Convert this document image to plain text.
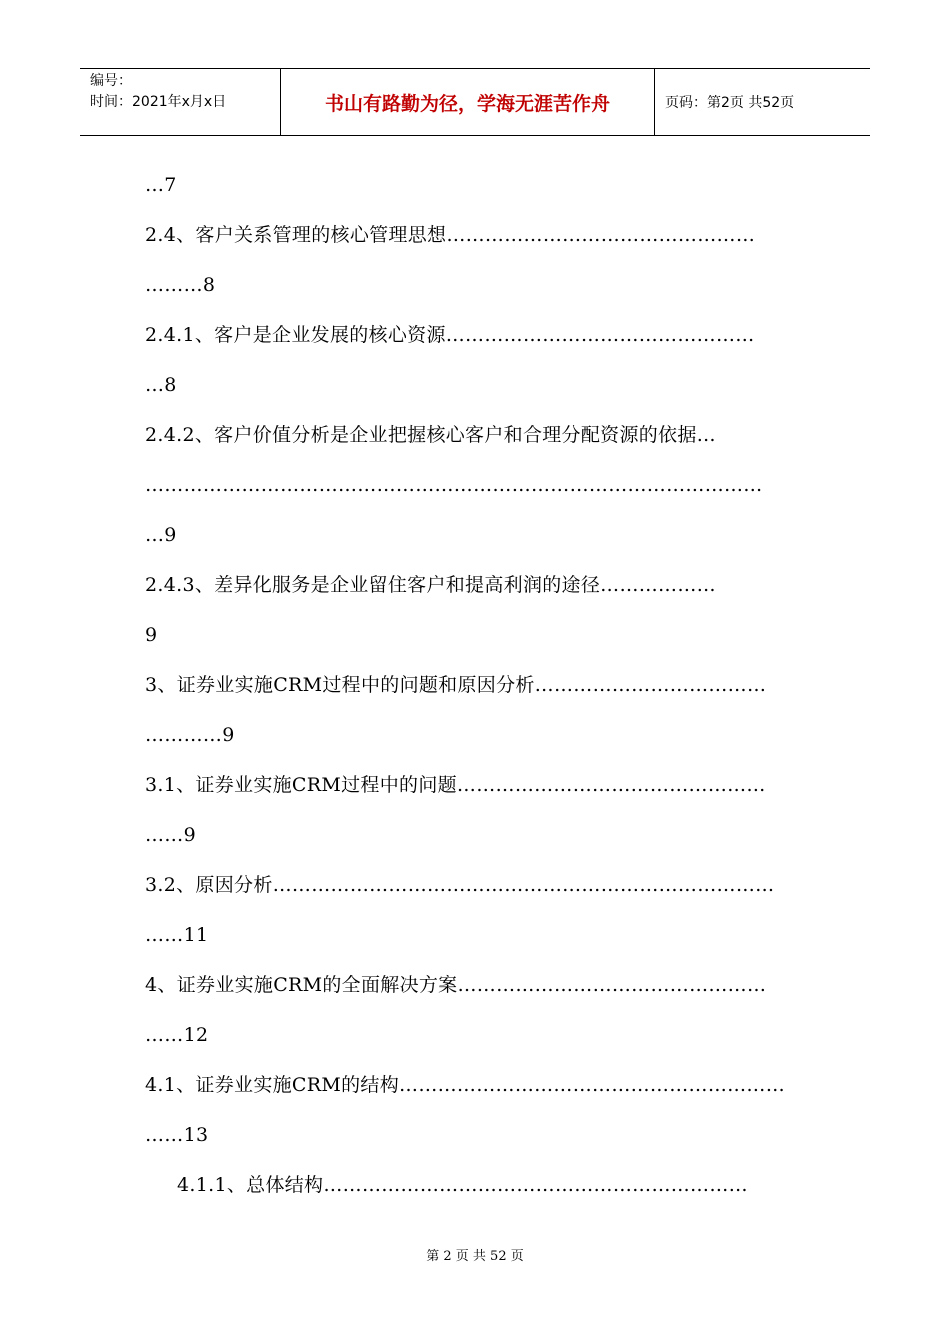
编号：
时间：2021年x月x日	书山有路勤为径，学海无涯苦作舟	页码：第2页 共52页
…7
2.4、客户关系管理的核心管理思想…………………………………………
………8
2.4.1、客户是企业发展的核心资源…………………………………………
…8
2.4.2、客户价值分析是企业把握核心客户和合理分配资源的依据…
……………………………………………………………………………………
…9
2.4.3、差异化服务是企业留住客户和提高利润的途径………………
9
3、证券业实施CRM过程中的问题和原因分析………………………………
…………9
3.1、证券业实施CRM过程中的问题…………………………………………
……9
3.2、原因分析……………………………………………………………………
……11
4、证券业实施CRM的全面解决方案…………………………………………
……12
4.1、证券业实施CRM的结构……………………………………………………
……13
4.1.1、总体结构…………………………………………………………
第 2 页 共 52 页
